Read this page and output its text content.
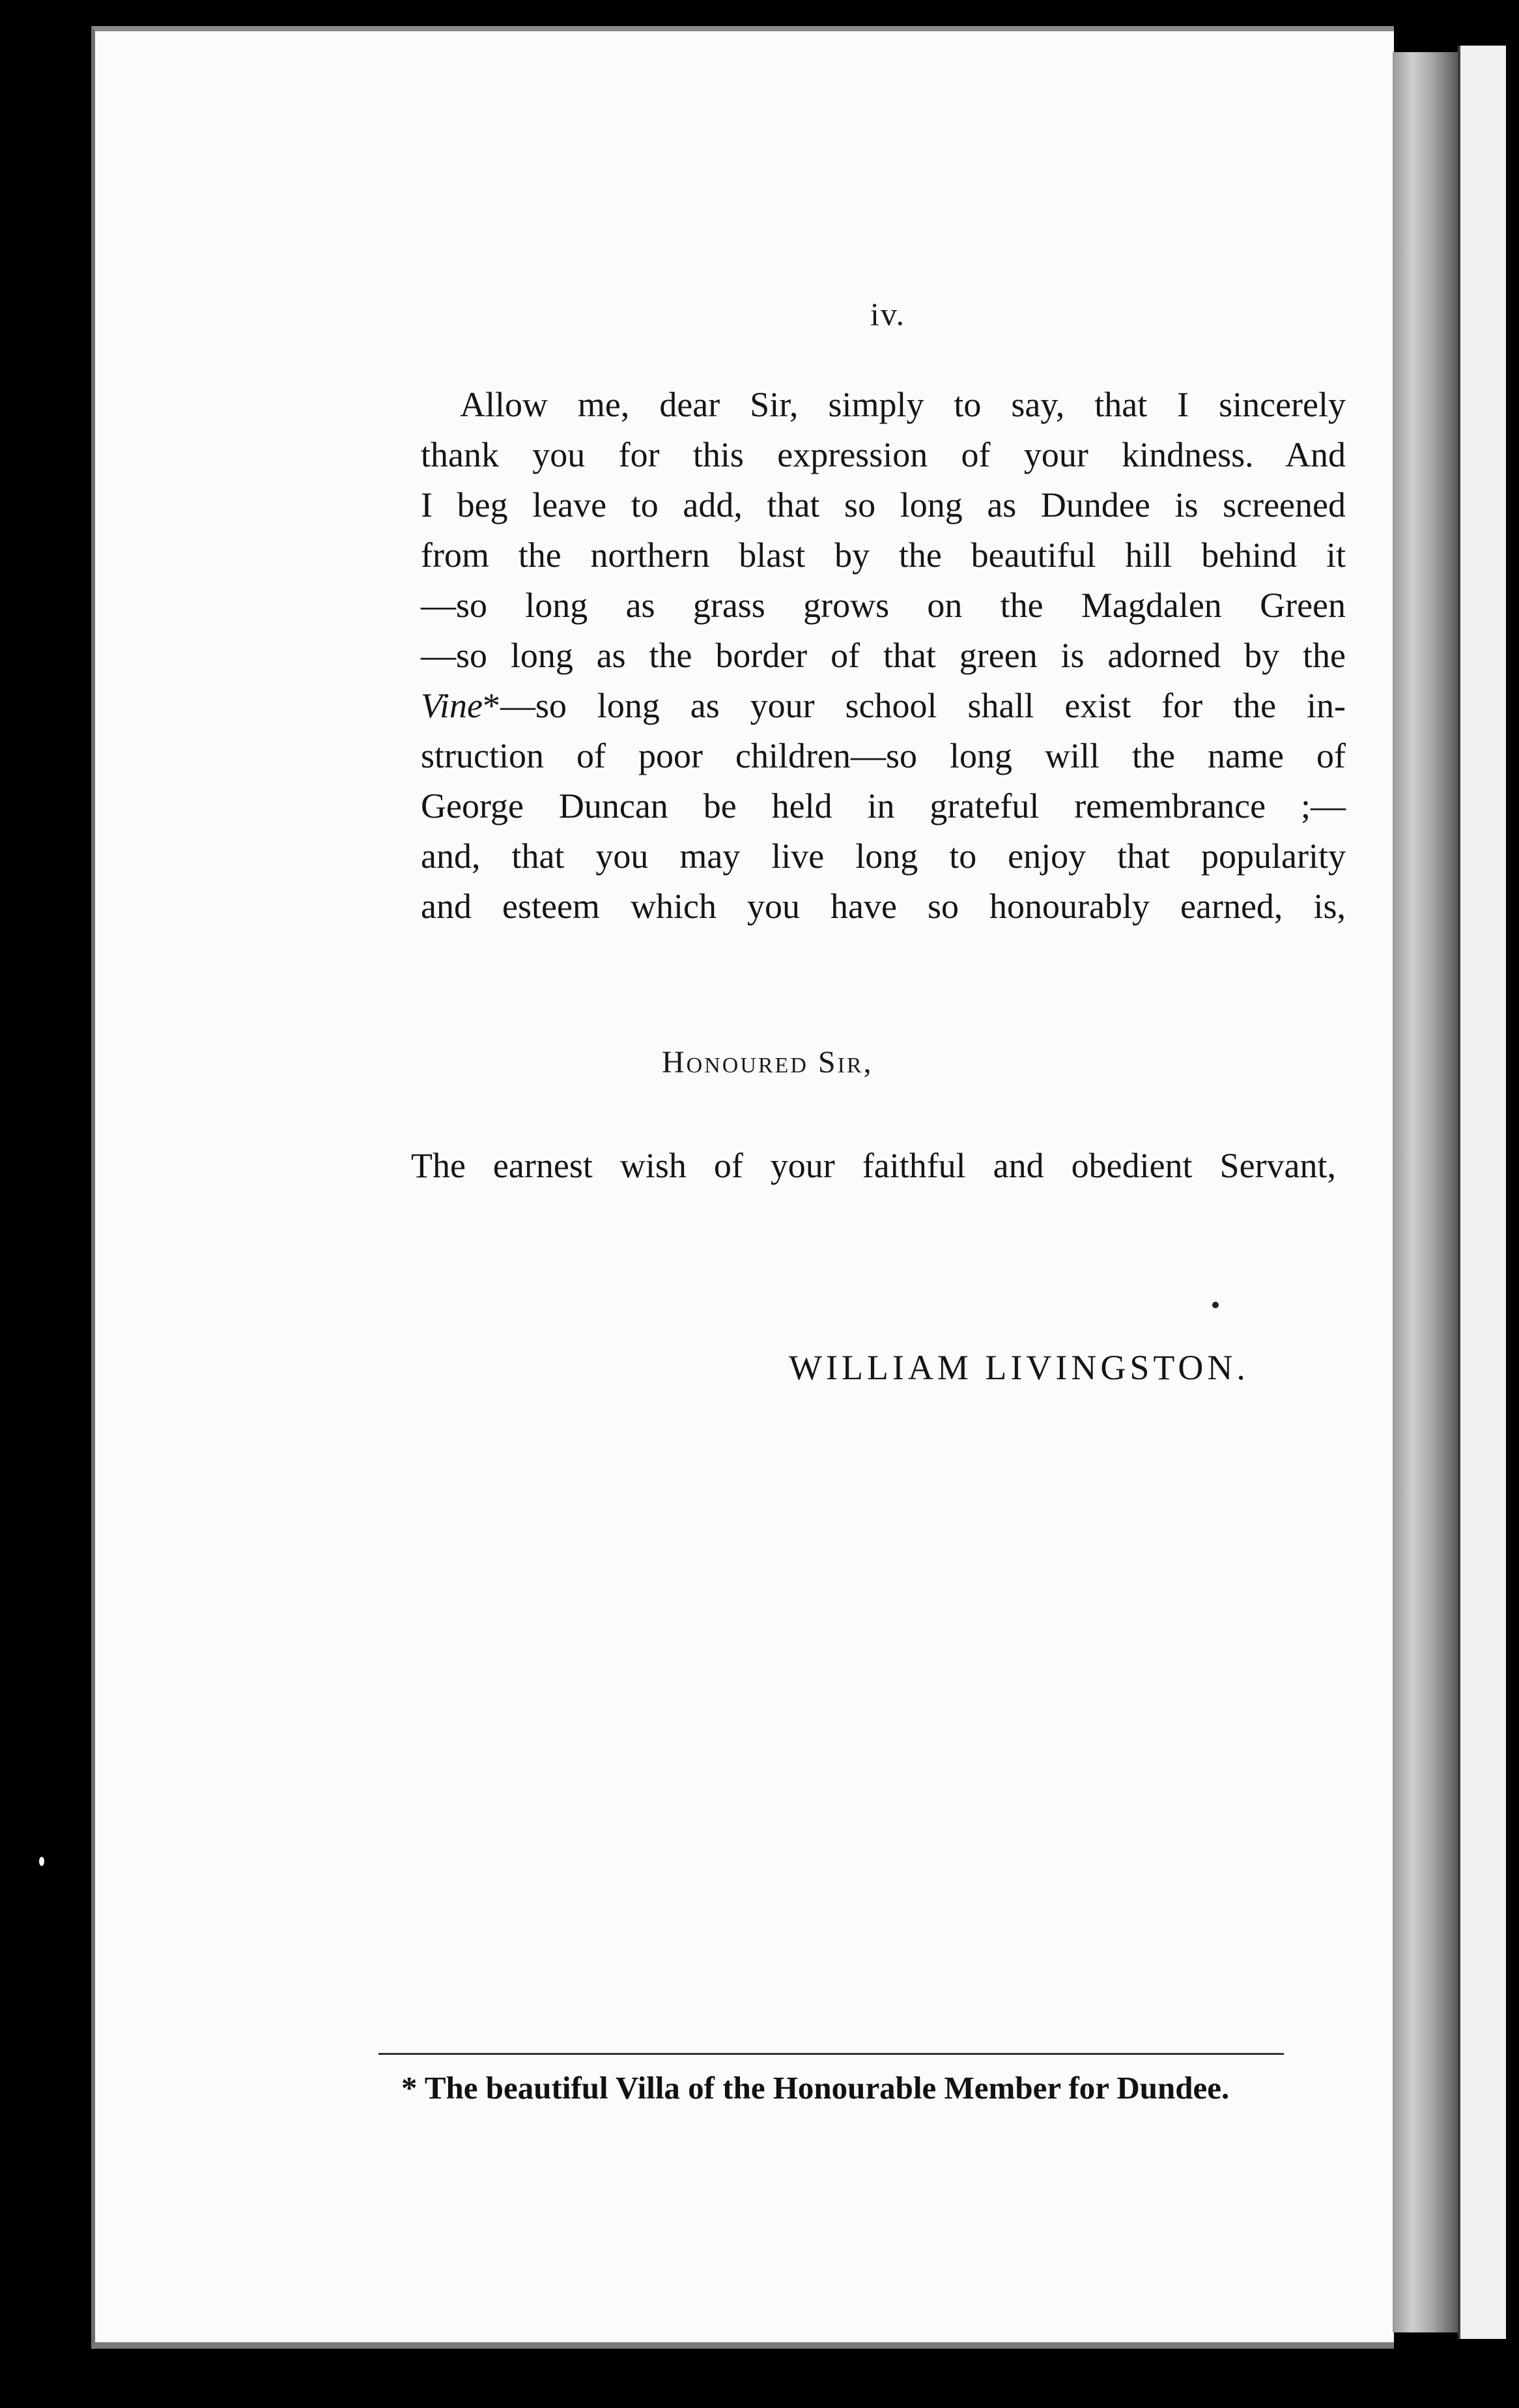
iv.
Allow me, dear Sir, simply to say, that I sincerely
thank you for this expression of your kindness. And
I beg leave to add, that so long as Dundee is screened
from the northern blast by the beautiful hill behind it
—so long as grass grows on the Magdalen Green
—so long as the border of that green is adorned by the
Vine*—so long as your school shall exist for the in-
struction of poor children—so long will the name of
George Duncan be held in grateful remembrance ;—
and, that you may live long to enjoy that popularity
and esteem which you have so honourably earned, is,
Honoured Sir,
The earnest wish of your faithful and obedient Servant,
WILLIAM LIVINGSTON.
* The beautiful Villa of the Honourable Member for Dundee.
